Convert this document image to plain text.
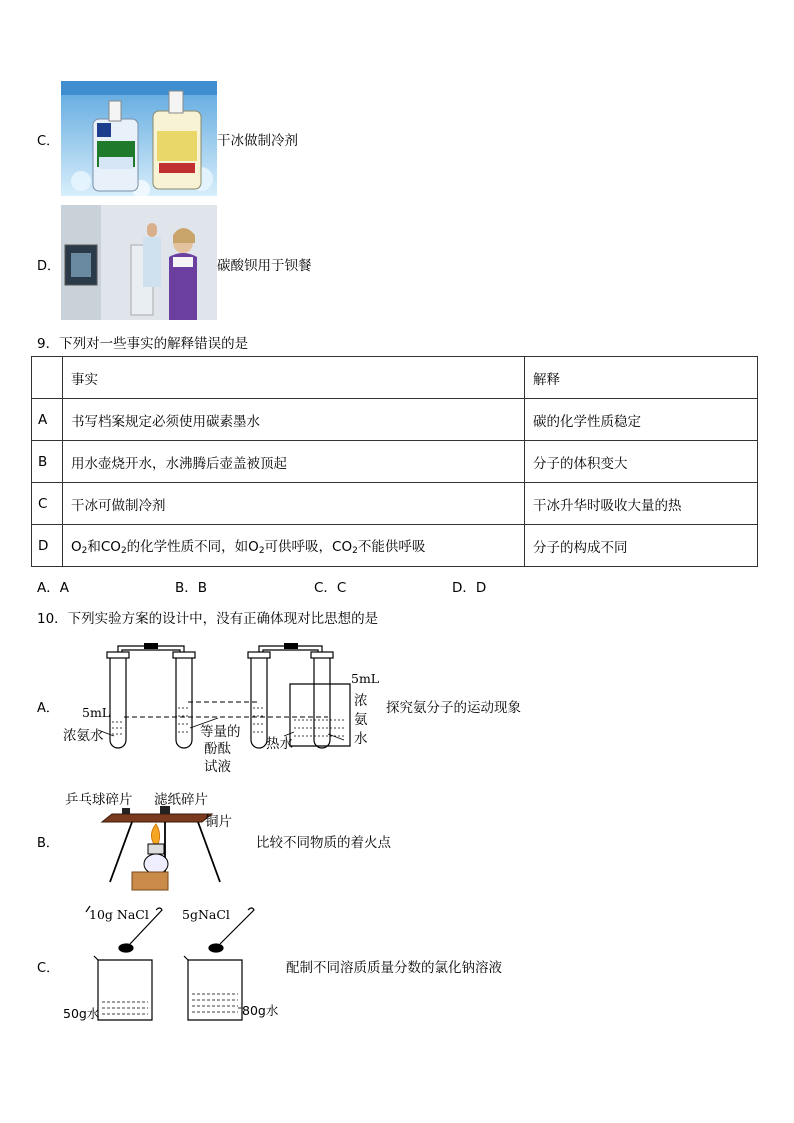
C．	干冰做制冷剂
D．	碳酸钡用于钡餐
9．下列对一些事实的解释错误的是
	事实	解释
A	书写档案规定必须使用碳素墨水	碳的化学性质稳定
B	用水壶烧开水，水沸腾后壶盖被顶起	分子的体积变大
C	干冰可做制冷剂	干冰升华时吸收大量的热
D	$O_2$和$CO_2$的化学性质不同，如$O_2$可供呼吸，$CO_2$不能供呼吸	分子的构成不同
A．A	B．B	C．C	D．D
10．下列实验方案的设计中，没有正确体现对比思想的是
A． 5mL
浓氨水	等量的
酚酞
试液
热水
5mL
浓
氨
水
探究氨分子的运动现象
B．
乒乓球碎片 滤纸碎片
铜片
比较不同物质的着火点
C．
10g NaCl	5gNaCl
50g水	80g水
配制不同溶质质量分数的氯化钠溶液
